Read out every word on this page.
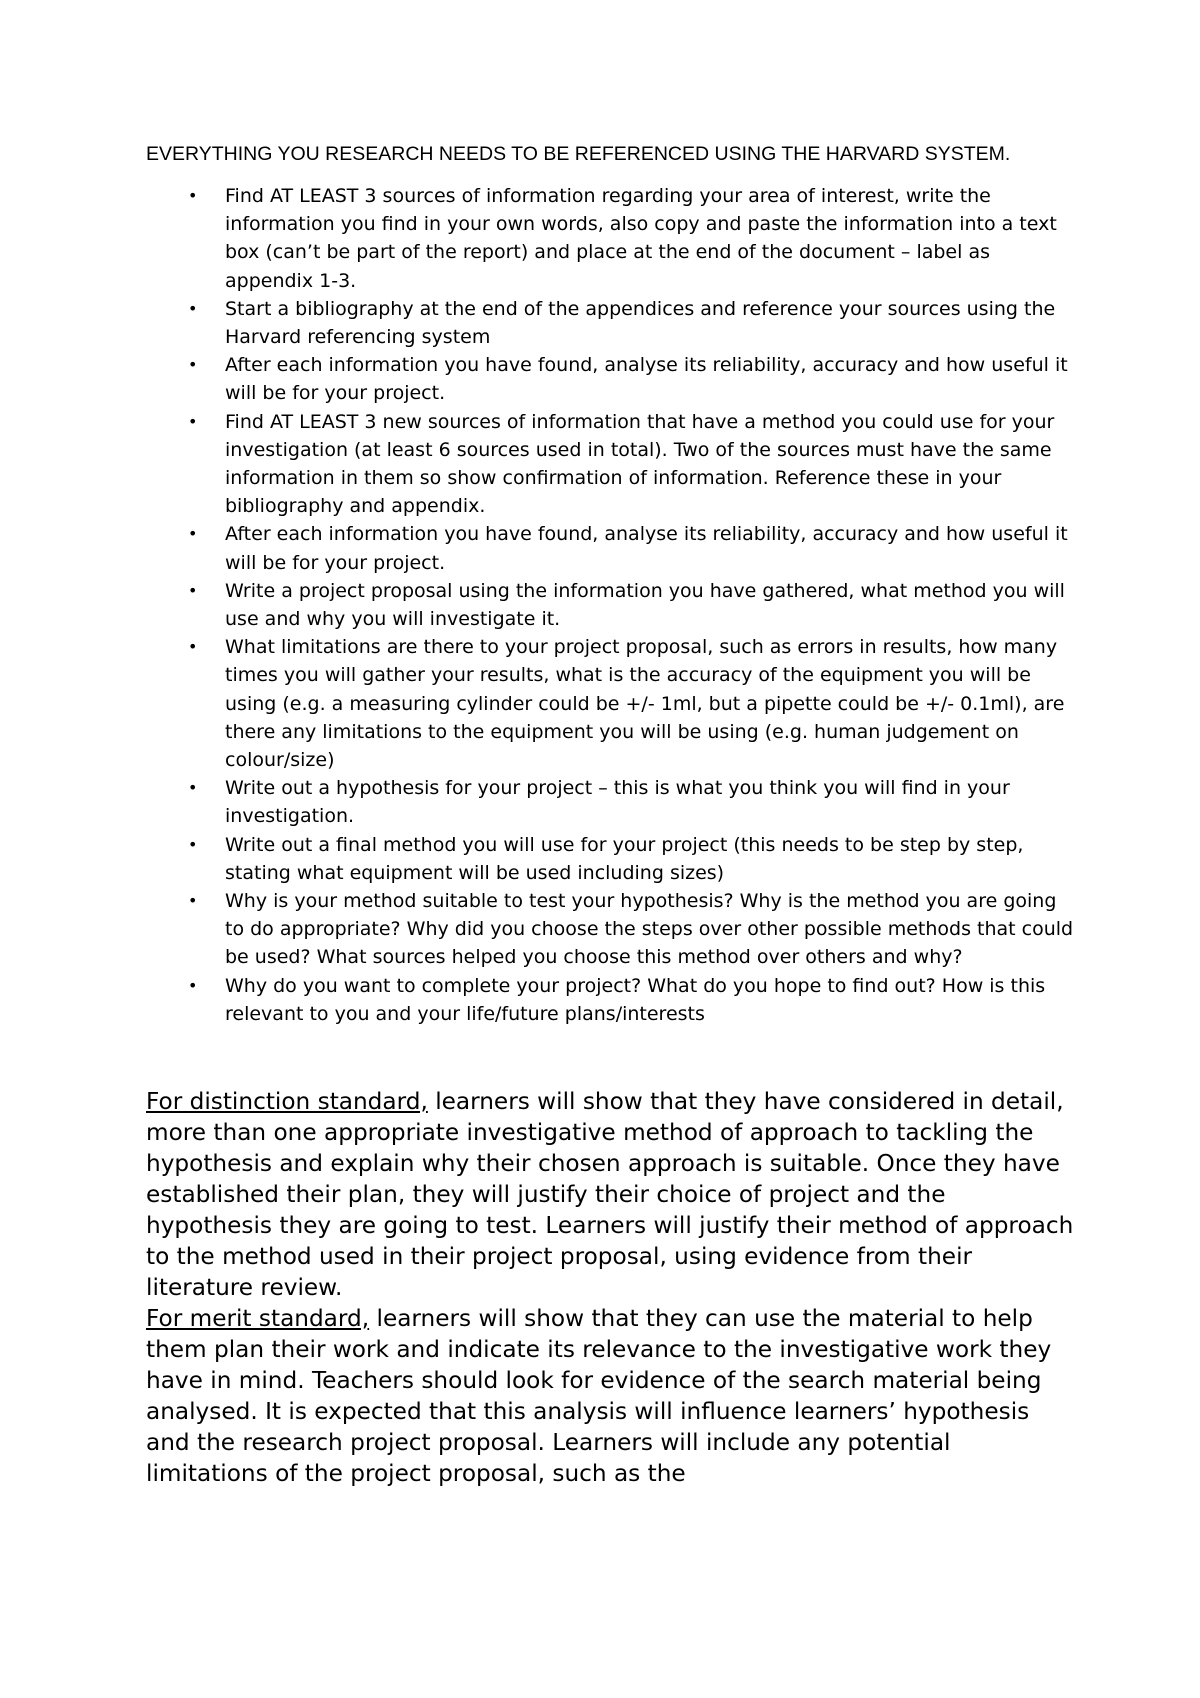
EVERYTHING YOU RESEARCH NEEDS TO BE REFERENCED USING THE HARVARD SYSTEM.

• Find AT LEAST 3 sources of information regarding your area of interest, write the information you find in your own words, also copy and paste the information into a text box (can’t be part of the report) and place at the end of the document – label as appendix 1-3.
• Start a bibliography at the end of the appendices and reference your sources using the Harvard referencing system
• After each information you have found, analyse its reliability, accuracy and how useful it will be for your project.
• Find AT LEAST 3 new sources of information that have a method you could use for your investigation (at least 6 sources used in total). Two of the sources must have the same information in them so show confirmation of information. Reference these in your bibliography and appendix.
• After each information you have found, analyse its reliability, accuracy and how useful it will be for your project.
• Write a project proposal using the information you have gathered, what method you will use and why you will investigate it.
• What limitations are there to your project proposal, such as errors in results, how many times you will gather your results, what is the accuracy of the equipment you will be using (e.g. a measuring cylinder could be +/- 1ml, but a pipette could be +/- 0.1ml), are there any limitations to the equipment you will be using (e.g. human judgement on colour/size)
• Write out a hypothesis for your project – this is what you think you will find in your investigation.
• Write out a final method you will use for your project (this needs to be step by step, stating what equipment will be used including sizes)
• Why is your method suitable to test your hypothesis? Why is the method you are going to do appropriate? Why did you choose the steps over other possible methods that could be used? What sources helped you choose this method over others and why?
• Why do you want to complete your project? What do you hope to find out? How is this relevant to you and your life/future plans/interests

For distinction standard, learners will show that they have considered in detail, more than one appropriate investigative method of approach to tackling the hypothesis and explain why their chosen approach is suitable. Once they have established their plan, they will justify their choice of project and the hypothesis they are going to test. Learners will justify their method of approach to the method used in their project proposal, using evidence from their literature review.

For merit standard, learners will show that they can use the material to help them plan their work and indicate its relevance to the investigative work they have in mind. Teachers should look for evidence of the search material being analysed. It is expected that this analysis will influence learners’ hypothesis and the research project proposal. Learners will include any potential limitations of the project proposal, such as the
